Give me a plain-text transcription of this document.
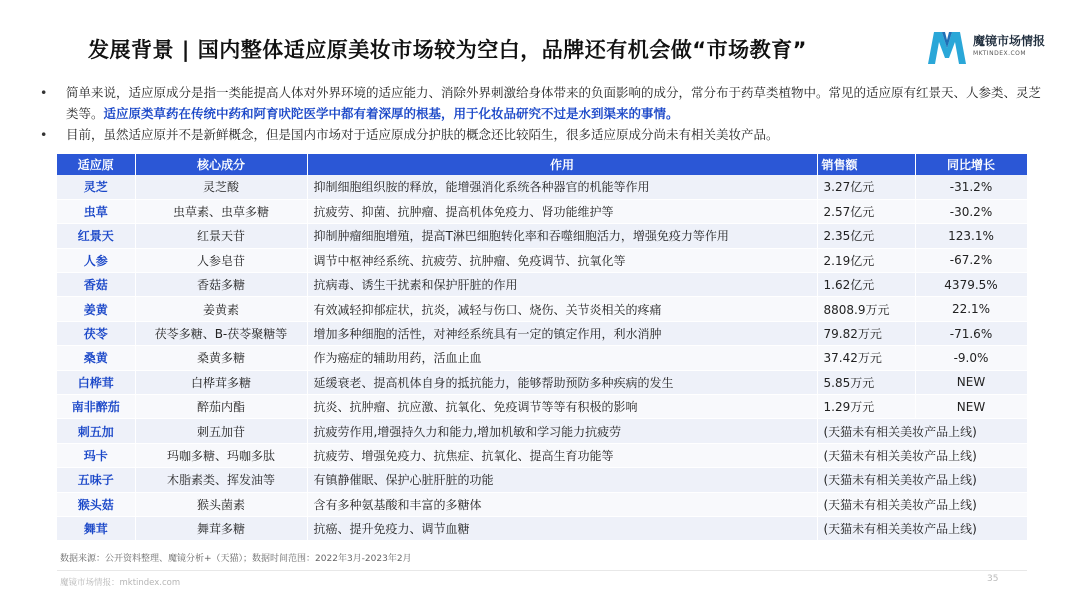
发展背景 | 国内整体适应原美妆市场较为空白，品牌还有机会做“市场教育”	魔镜市场情报
MKTINDEX.COM
• 简单来说，适应原成分是指一类能提高人体对外界环境的适应能力、消除外界刺激给身体带来的负面影响的成分，常分布于药草类植物中。常见的适应原有红景天、人参类、灵芝类等。适应原类草药在传统中药和阿育吠陀医学中都有着深厚的根基，用于化妆品研究不过是水到渠来的事情。
• 目前，虽然适应原并不是新鲜概念，但是国内市场对于适应原成分护肤的概念还比较陌生，很多适应原成分尚未有相关美妆产品。
适应原	核心成分	作用	销售额	同比增长
灵芝	灵芝酸	抑制细胞组织胺的释放，能增强消化系统各种器官的机能等作用	3.27亿元	-31.2%
虫草	虫草素、虫草多糖	抗疲劳、抑菌、抗肿瘤、提高机体免疫力、肾功能维护等	2.57亿元	-30.2%
红景天	红景天苷	抑制肿瘤细胞增殖，提高T淋巴细胞转化率和吞噬细胞活力，增强免疫力等作用	2.35亿元	123.1%
人参	人参皂苷	调节中枢神经系统、抗疲劳、抗肿瘤、免疫调节、抗氧化等	2.19亿元	-67.2%
香菇	香菇多糖	抗病毒、诱生干扰素和保护肝脏的作用	1.62亿元	4379.5%
姜黄	姜黄素	有效减轻抑郁症状，抗炎，减轻与伤口、烧伤、关节炎相关的疼痛	8808.9万元	22.1%
茯苓	茯苓多糖、B-茯苓聚糖等	增加多种细胞的活性，对神经系统具有一定的镇定作用，利水消肿	79.82万元	-71.6%
桑黄	桑黄多糖	作为癌症的辅助用药，活血止血	37.42万元	-9.0%
白桦茸	白桦茸多糖	延缓衰老、提高机体自身的抵抗能力，能够帮助预防多种疾病的发生	5.85万元	NEW
南非醉茄	醉茄内酯	抗炎、抗肿瘤、抗应激、抗氧化、免疫调节等等有积极的影响	1.29万元	NEW
刺五加	刺五加苷	抗疲劳作用,增强持久力和能力,增加机敏和学习能力抗疲劳	(天猫未有相关美妆产品上线)	
玛卡	玛咖多糖、玛咖多肽	抗疲劳、增强免疫力、抗焦症、抗氧化、提高生育功能等	(天猫未有相关美妆产品上线)	
五味子	木脂素类、挥发油等	有镇静催眠、保护心脏肝脏的功能	(天猫未有相关美妆产品上线)	
猴头菇	猴头菌素	含有多种氨基酸和丰富的多糖体	(天猫未有相关美妆产品上线)	
舞茸	舞茸多糖	抗癌、提升免疫力、调节血糖	(天猫未有相关美妆产品上线)	
数据来源：公开资料整理、魔镜分析+（天猫）；数据时间范围：2022年3月-2023年2月
魔镜市场情报：mktindex.com	35
